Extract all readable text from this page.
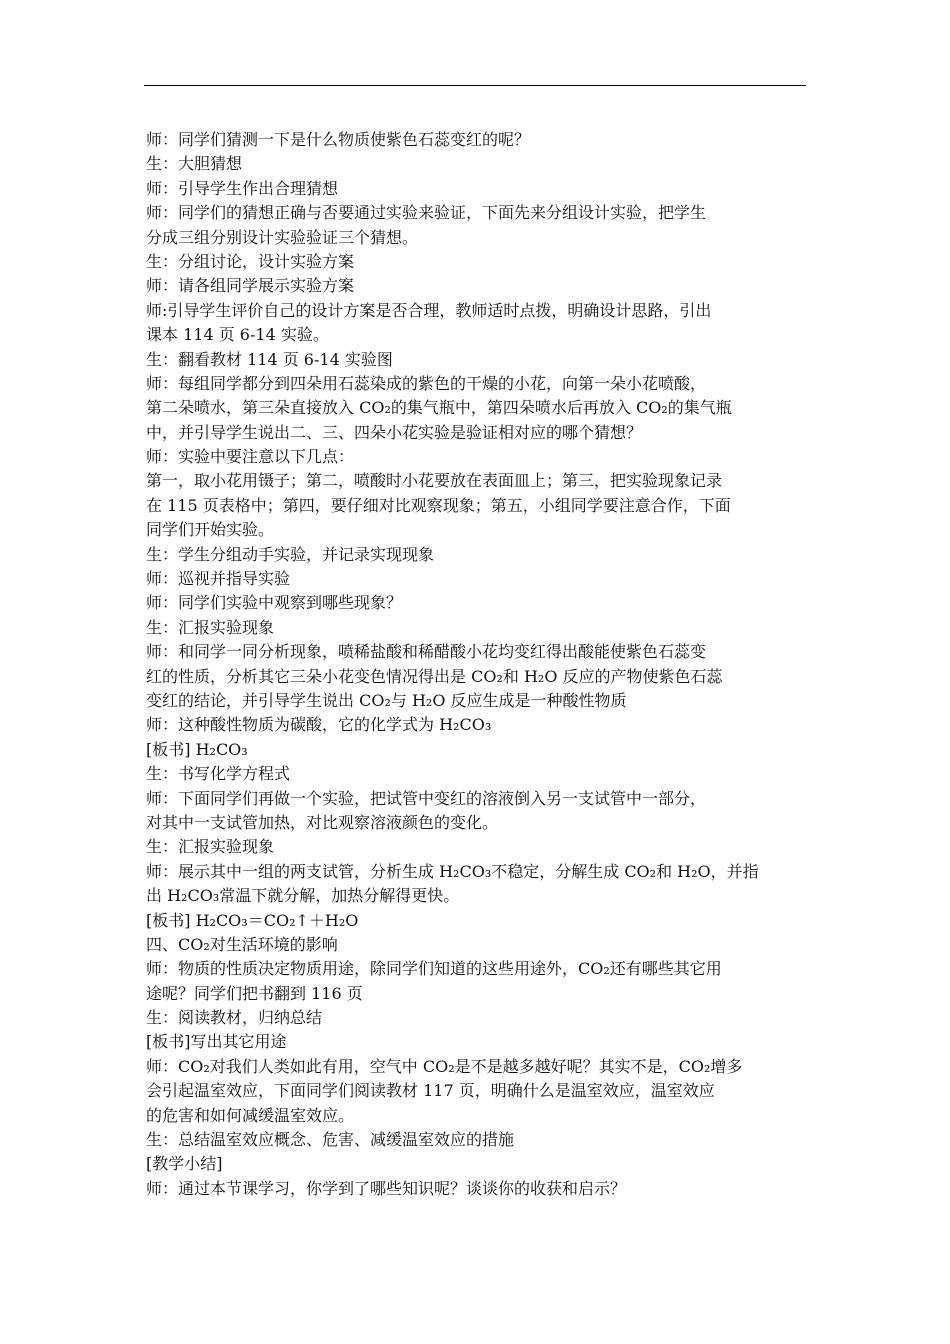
师：同学们猜测一下是什么物质使紫色石蕊变红的呢？
生：大胆猜想
师：引导学生作出合理猜想
师：同学们的猜想正确与否要通过实验来验证，下面先来分组设计实验，把学生
分成三组分别设计实验验证三个猜想。
生：分组讨论，设计实验方案
师：请各组同学展示实验方案
师:引导学生评价自己的设计方案是否合理，教师适时点拨，明确设计思路，引出
课本 114 页 6-14 实验。
生：翻看教材 114 页 6-14 实验图
师：每组同学都分到四朵用石蕊染成的紫色的干燥的小花，向第一朵小花喷酸，
第二朵喷水，第三朵直接放入 CO₂的集气瓶中，第四朵喷水后再放入 CO₂的集气瓶
中，并引导学生说出二、三、四朵小花实验是验证相对应的哪个猜想？
师：实验中要注意以下几点：
第一，取小花用镊子；第二，喷酸时小花要放在表面皿上；第三，把实验现象记录
在 115 页表格中；第四，要仔细对比观察现象；第五，小组同学要注意合作，下面
同学们开始实验。
生：学生分组动手实验，并记录实现现象
师：巡视并指导实验
师：同学们实验中观察到哪些现象？
生：汇报实验现象
师：和同学一同分析现象，喷稀盐酸和稀醋酸小花均变红得出酸能使紫色石蕊变
红的性质，分析其它三朵小花变色情况得出是 CO₂和 H₂O 反应的产物使紫色石蕊
变红的结论，并引导学生说出 CO₂与 H₂O 反应生成是一种酸性物质
师：这种酸性物质为碳酸，它的化学式为 H₂CO₃
[板书] H₂CO₃
生：书写化学方程式
师：下面同学们再做一个实验，把试管中变红的溶液倒入另一支试管中一部分，
对其中一支试管加热，对比观察溶液颜色的变化。
生：汇报实验现象
师：展示其中一组的两支试管，分析生成 H₂CO₃不稳定，分解生成 CO₂和 H₂O，并指
出 H₂CO₃常温下就分解，加热分解得更快。
[板书] H₂CO₃＝CO₂↑＋H₂O
四、CO₂对生活环境的影响
师：物质的性质决定物质用途，除同学们知道的这些用途外，CO₂还有哪些其它用
途呢？同学们把书翻到 116 页
生：阅读教材，归纳总结
[板书]写出其它用途
师：CO₂对我们人类如此有用，空气中 CO₂是不是越多越好呢？其实不是，CO₂增多
会引起温室效应，下面同学们阅读教材 117 页，明确什么是温室效应，温室效应
的危害和如何减缓温室效应。
生：总结温室效应概念、危害、减缓温室效应的措施
[教学小结]
师：通过本节课学习，你学到了哪些知识呢？谈谈你的收获和启示？
